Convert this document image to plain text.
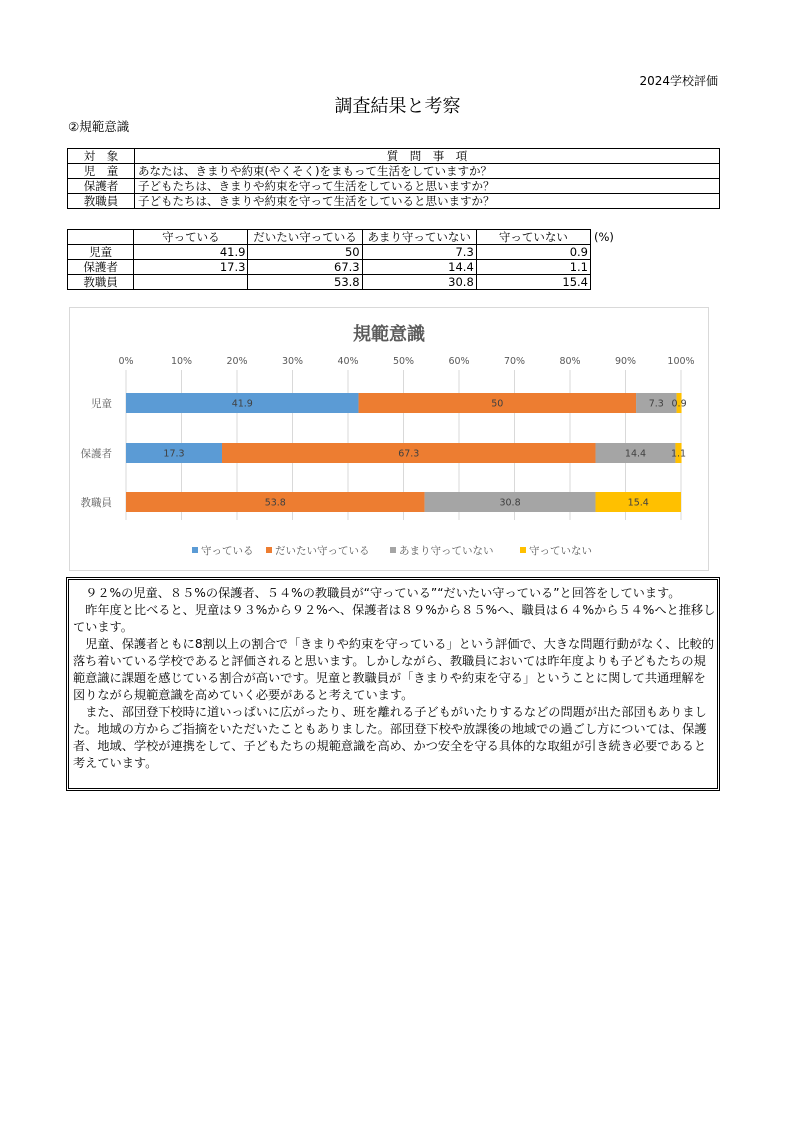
2024学校評価
調査結果と考察
②規範意識
対　象	質　問　事　項
児　童	あなたは、きまりや約束(やくそく)をまもって生活をしていますか？
保護者	子どもたちは、きまりや約束を守って生活をしていると思いますか？
教職員	子どもたちは、きまりや約束を守って生活をしていると思いますか？
	守っている	だいたい守っている	あまり守っていない	守っていない
児童	41.9	50	7.3	0.9
保護者	17.3	67.3	14.4	1.1
教職員		53.8	30.8	15.4
(%)
規範意識
0%	10%	20%	30%	40%	50%	60%	70%	80%	90%	100%
児童	41.9	50	7.3 0.9
保護者	17.3	67.3	14.4	1.1
教職員	53.8	30.8	15.4
守っている だいたい守っている	あまり守っていない	守っていない

９２%の児童、８５%の保護者、５４%の教職員が“守っている”“だいたい守っている”と回答をしています。

昨年度と比べると、児童は９３%から９２%へ、保護者は８９%から８５%へ、職員は６４%から５４%へと推移しています。

児童、保護者ともに8割以上の割合で「きまりや約束を守っている」という評価で、大きな問題行動がなく、比較的落ち着いている学校であると評価されると思います。しかしながら、教職員においては昨年度よりも子どもたちの規範意識に課題を感じている割合が高いです。児童と教職員が「きまりや約束を守る」ということに関して共通理解を図りながら規範意識を高めていく必要があると考えています。

また、部団登下校時に道いっぱいに広がったり、班を離れる子どもがいたりするなどの問題が出た部団もありました。地域の方からご指摘をいただいたこともありました。部団登下校や放課後の地域での過ごし方については、保護者、地域、学校が連携をして、子どもたちの規範意識を高め、かつ安全を守る具体的な取組が引き続き必要であると考えています。
